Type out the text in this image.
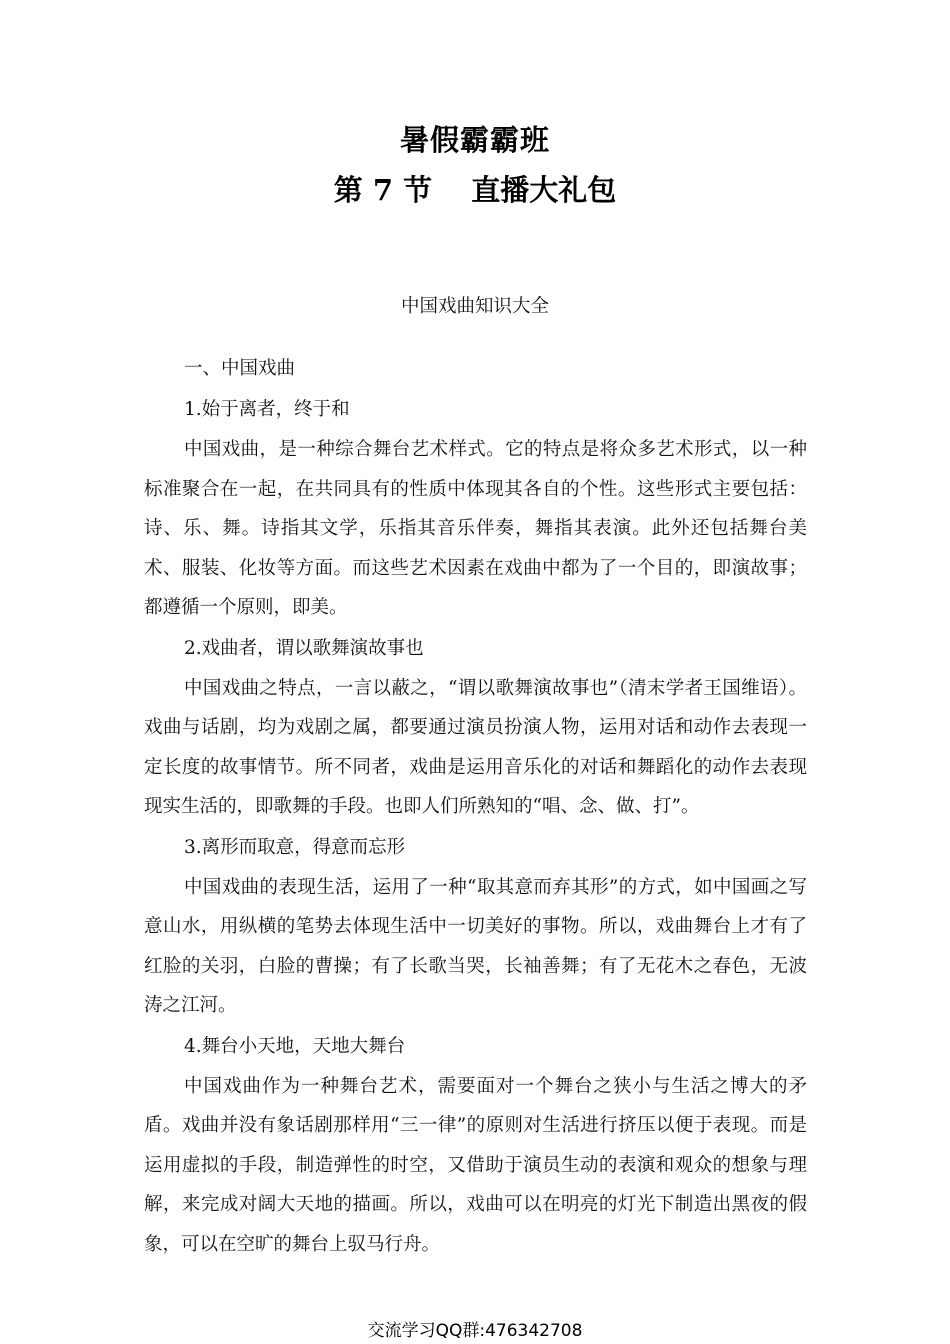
暑假霸霸班
第 7 节　 直播大礼包
中国戏曲知识大全
一、中国戏曲
1.始于离者，终于和

中国戏曲，是一种综合舞台艺术样式。它的特点是将众多艺术形式，以一种标准聚合在一起，在共同具有的性质中体现其各自的个性。这些形式主要包括：诗、乐、舞。诗指其文学，乐指其音乐伴奏，舞指其表演。此外还包括舞台美术、服装、化妆等方面。而这些艺术因素在戏曲中都为了一个目的，即演故事；都遵循一个原则，即美。

2.戏曲者，谓以歌舞演故事也

中国戏曲之特点，一言以蔽之，“谓以歌舞演故事也”（清末学者王国维语）。戏曲与话剧，均为戏剧之属，都要通过演员扮演人物，运用对话和动作去表现一定长度的故事情节。所不同者，戏曲是运用音乐化的对话和舞蹈化的动作去表现现实生活的，即歌舞的手段。也即人们所熟知的“唱、念、做、打”。

3.离形而取意，得意而忘形

中国戏曲的表现生活，运用了一种“取其意而弃其形”的方式，如中国画之写意山水，用纵横的笔势去体现生活中一切美好的事物。所以，戏曲舞台上才有了红脸的关羽，白脸的曹操；有了长歌当哭，长袖善舞；有了无花木之春色，无波涛之江河。

4.舞台小天地，天地大舞台

中国戏曲作为一种舞台艺术，需要面对一个舞台之狭小与生活之博大的矛盾。戏曲并没有象话剧那样用“三一律”的原则对生活进行挤压以便于表现。而是运用虚拟的手段，制造弹性的时空，又借助于演员生动的表演和观众的想象与理解，来完成对阔大天地的描画。所以，戏曲可以在明亮的灯光下制造出黑夜的假象，可以在空旷的舞台上驭马行舟。

交流学习QQ群:476342708
